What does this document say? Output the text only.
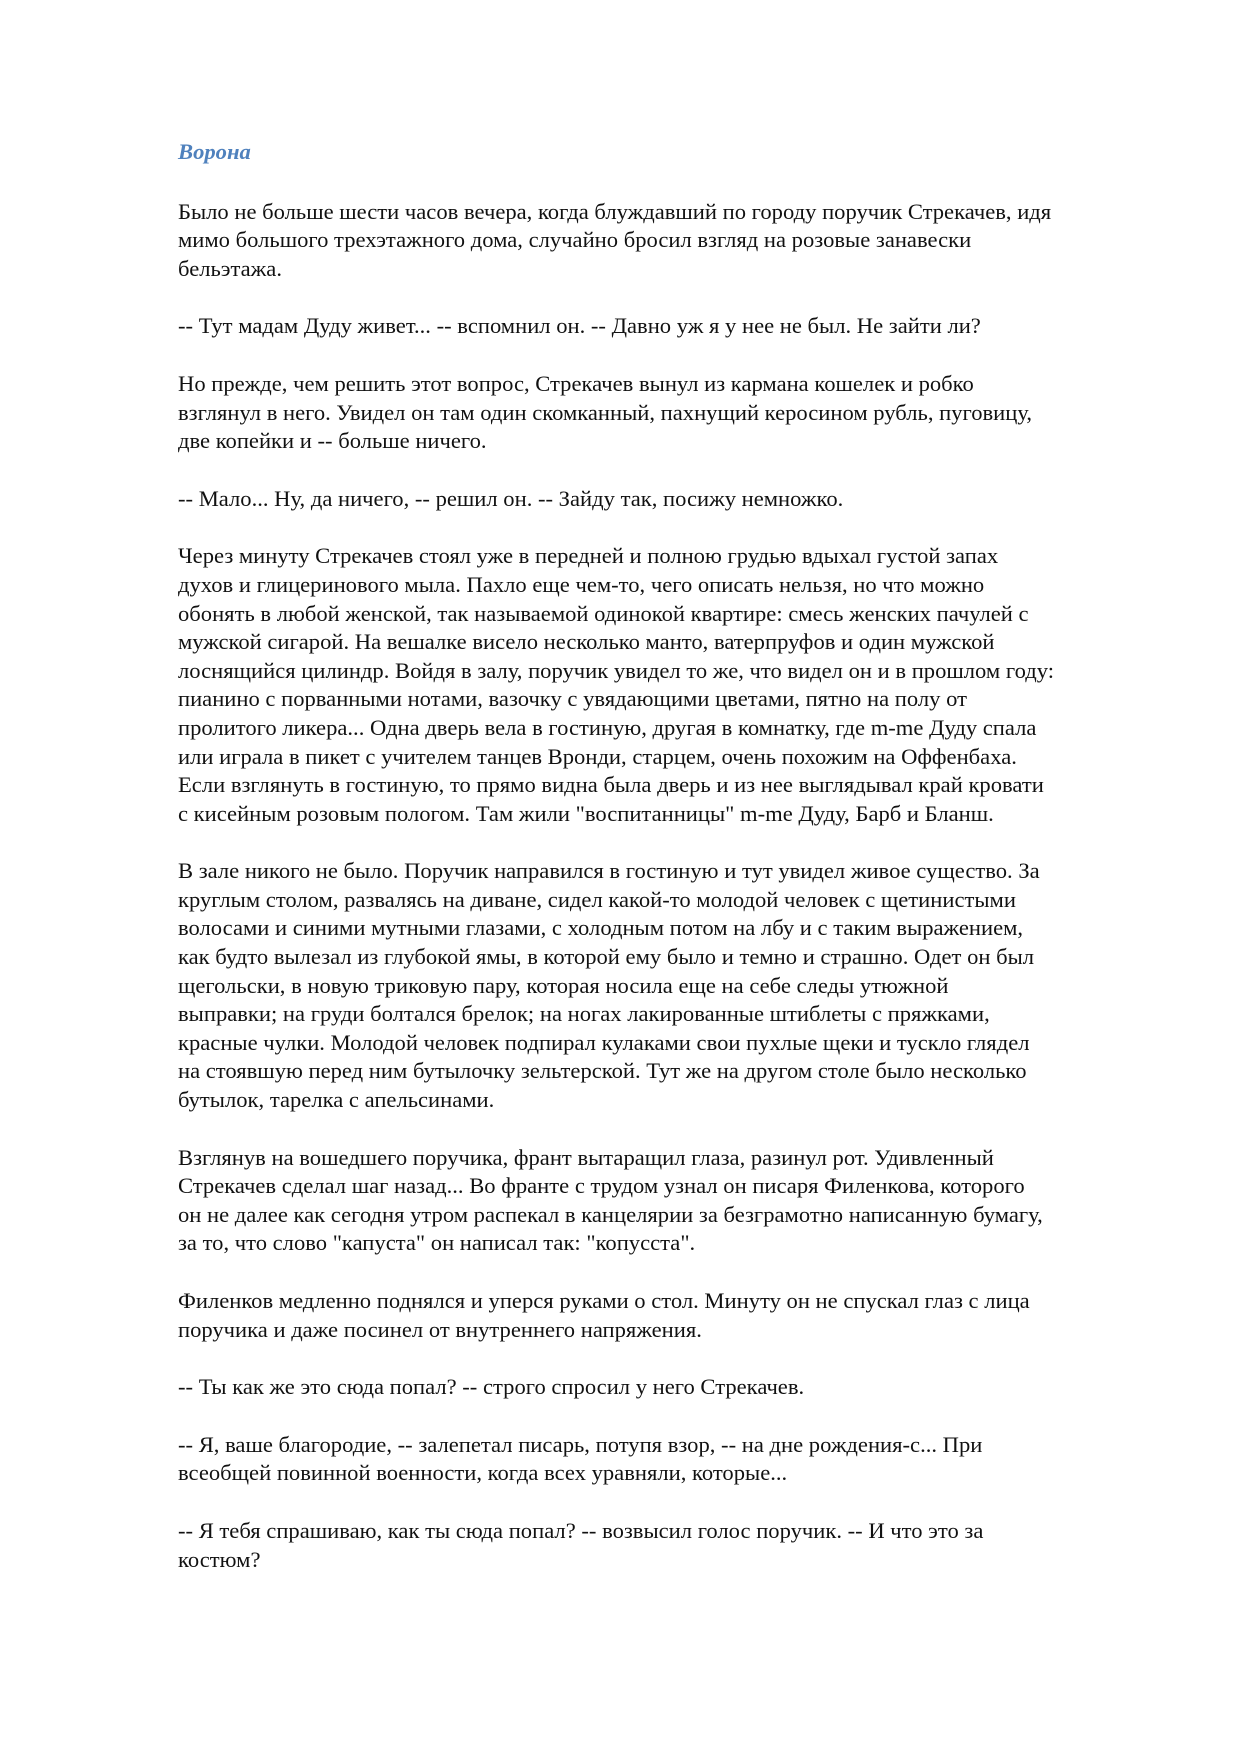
Ворона
Было не больше шести часов вечера, когда блуждавший по городу поручик Стрекачев, идя
мимо большого трехэтажного дома, случайно бросил взгляд на розовые занавески
бельэтажа.
-- Тут мадам Дуду живет... -- вспомнил он. -- Давно уж я у нее не был. Не зайти ли?
Но прежде, чем решить этот вопрос, Стрекачев вынул из кармана кошелек и робко
взглянул в него. Увидел он там один скомканный, пахнущий керосином рубль, пуговицу,
две копейки и -- больше ничего.
-- Мало... Ну, да ничего, -- решил он. -- Зайду так, посижу немножко.
Через минуту Стрекачев стоял уже в передней и полною грудью вдыхал густой запах
духов и глицеринового мыла. Пахло еще чем-то, чего описать нельзя, но что можно
обонять в любой женской, так называемой одинокой квартире: смесь женских пачулей с
мужской сигарой. На вешалке висело несколько манто, ватерпруфов и один мужской
лоснящийся цилиндр. Войдя в залу, поручик увидел то же, что видел он и в прошлом году:
пианино с порванными нотами, вазочку с увядающими цветами, пятно на полу от
пролитого ликера... Одна дверь вела в гостиную, другая в комнатку, где m-me Дуду спала
или играла в пикет с учителем танцев Вронди, старцем, очень похожим на Оффенбаха.
Если взглянуть в гостиную, то прямо видна была дверь и из нее выглядывал край кровати
с кисейным розовым пологом. Там жили "воспитанницы" m-me Дуду, Барб и Бланш.
В зале никого не было. Поручик направился в гостиную и тут увидел живое существо. За
круглым столом, развалясь на диване, сидел какой-то молодой человек с щетинистыми
волосами и синими мутными глазами, с холодным потом на лбу и с таким выражением,
как будто вылезал из глубокой ямы, в которой ему было и темно и страшно. Одет он был
щегольски, в новую триковую пару, которая носила еще на себе следы утюжной
выправки; на груди болтался брелок; на ногах лакированные штиблеты с пряжками,
красные чулки. Молодой человек подпирал кулаками свои пухлые щеки и тускло глядел
на стоявшую перед ним бутылочку зельтерской. Тут же на другом столе было несколько
бутылок, тарелка с апельсинами.
Взглянув на вошедшего поручика, франт вытаращил глаза, разинул рот. Удивленный
Стрекачев сделал шаг назад... Во франте с трудом узнал он писаря Филенкова, которого
он не далее как сегодня утром распекал в канцелярии за безграмотно написанную бумагу,
за то, что слово "капуста" он написал так: "копусста".
Филенков медленно поднялся и уперся руками о стол. Минуту он не спускал глаз с лица
поручика и даже посинел от внутреннего напряжения.
-- Ты как же это сюда попал? -- строго спросил у него Стрекачев.
-- Я, ваше благородие, -- залепетал писарь, потупя взор, -- на дне рождения-с... При
всеобщей повинной военности, когда всех уравняли, которые...
-- Я тебя спрашиваю, как ты сюда попал? -- возвысил голос поручик. -- И что это за
костюм?
